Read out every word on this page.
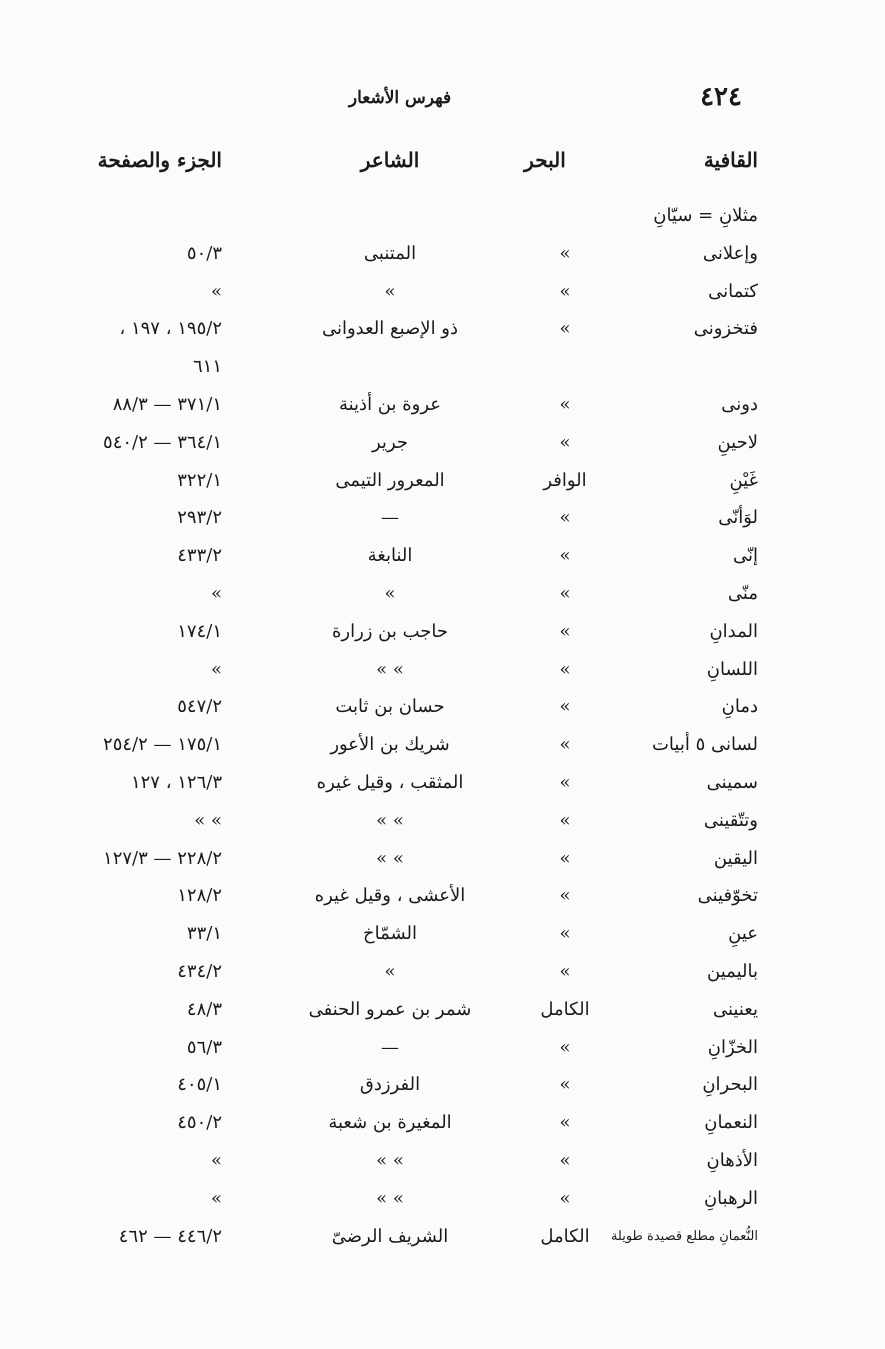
٤٢٤
فهرس الأشعار
القافية
البحر
الشاعر
الجزء والصفحة
مثلانِ = سيّانِ
وإعلانى
»
المتنبى
٥٠/٣
كتمانى
»
»
»
فتخزونى
»
ذو الإصبع العدوانى
١٩٥/٢ ، ١٩٧ ،
٦١١
دونى
»
عروة بن أذينة
٣٧١/١ — ٨٨/٣
لاحينِ
»
جرير
٣٦٤/١ — ٥٤٠/٢
غَيْنِ
الوافر
المعرور التيمى
٣٢٢/١
لوَأنّى
»
—
٢٩٣/٢
إنّى
»
النابغة
٤٣٣/٢
منّى
»
»
»
المدانِ
»
حاجب بن زرارة
١٧٤/١
اللسانِ
»
» »
»
دمانِ
»
حسان بن ثابت
٥٤٧/٢
لسانى ٥ أبيات
»
شريك بن الأعور
١٧٥/١ — ٢٥٤/٢
سمينى
»
المثقب ، وقيل غيره
١٢٦/٣ ، ١٢٧
وتتّقينى
»
» »
» »
اليقين
»
» »
٢٢٨/٢ — ١٢٧/٣
تخوّفينى
»
الأعشى ، وقيل غيره
١٢٨/٢
عينِ
»
الشمّاخ
٣٣/١
باليمين
»
»
٤٣٤/٢
يعنينى
الكامل
شمر بن عمرو الحنفى
٤٨/٣
الخزّانِ
»
—
٥٦/٣
البحرانِ
»
الفرزدق
٤٠٥/١
النعمانِ
»
المغيرة بن شعبة
٤٥٠/٢
الأذهانِ
»
» »
»
الرهبانِ
»
» »
»
النُّعمانِ مطلع قصيدة طويلة
الكامل
الشريف الرضىّ
٤٤٦/٢ — ٤٦٢
